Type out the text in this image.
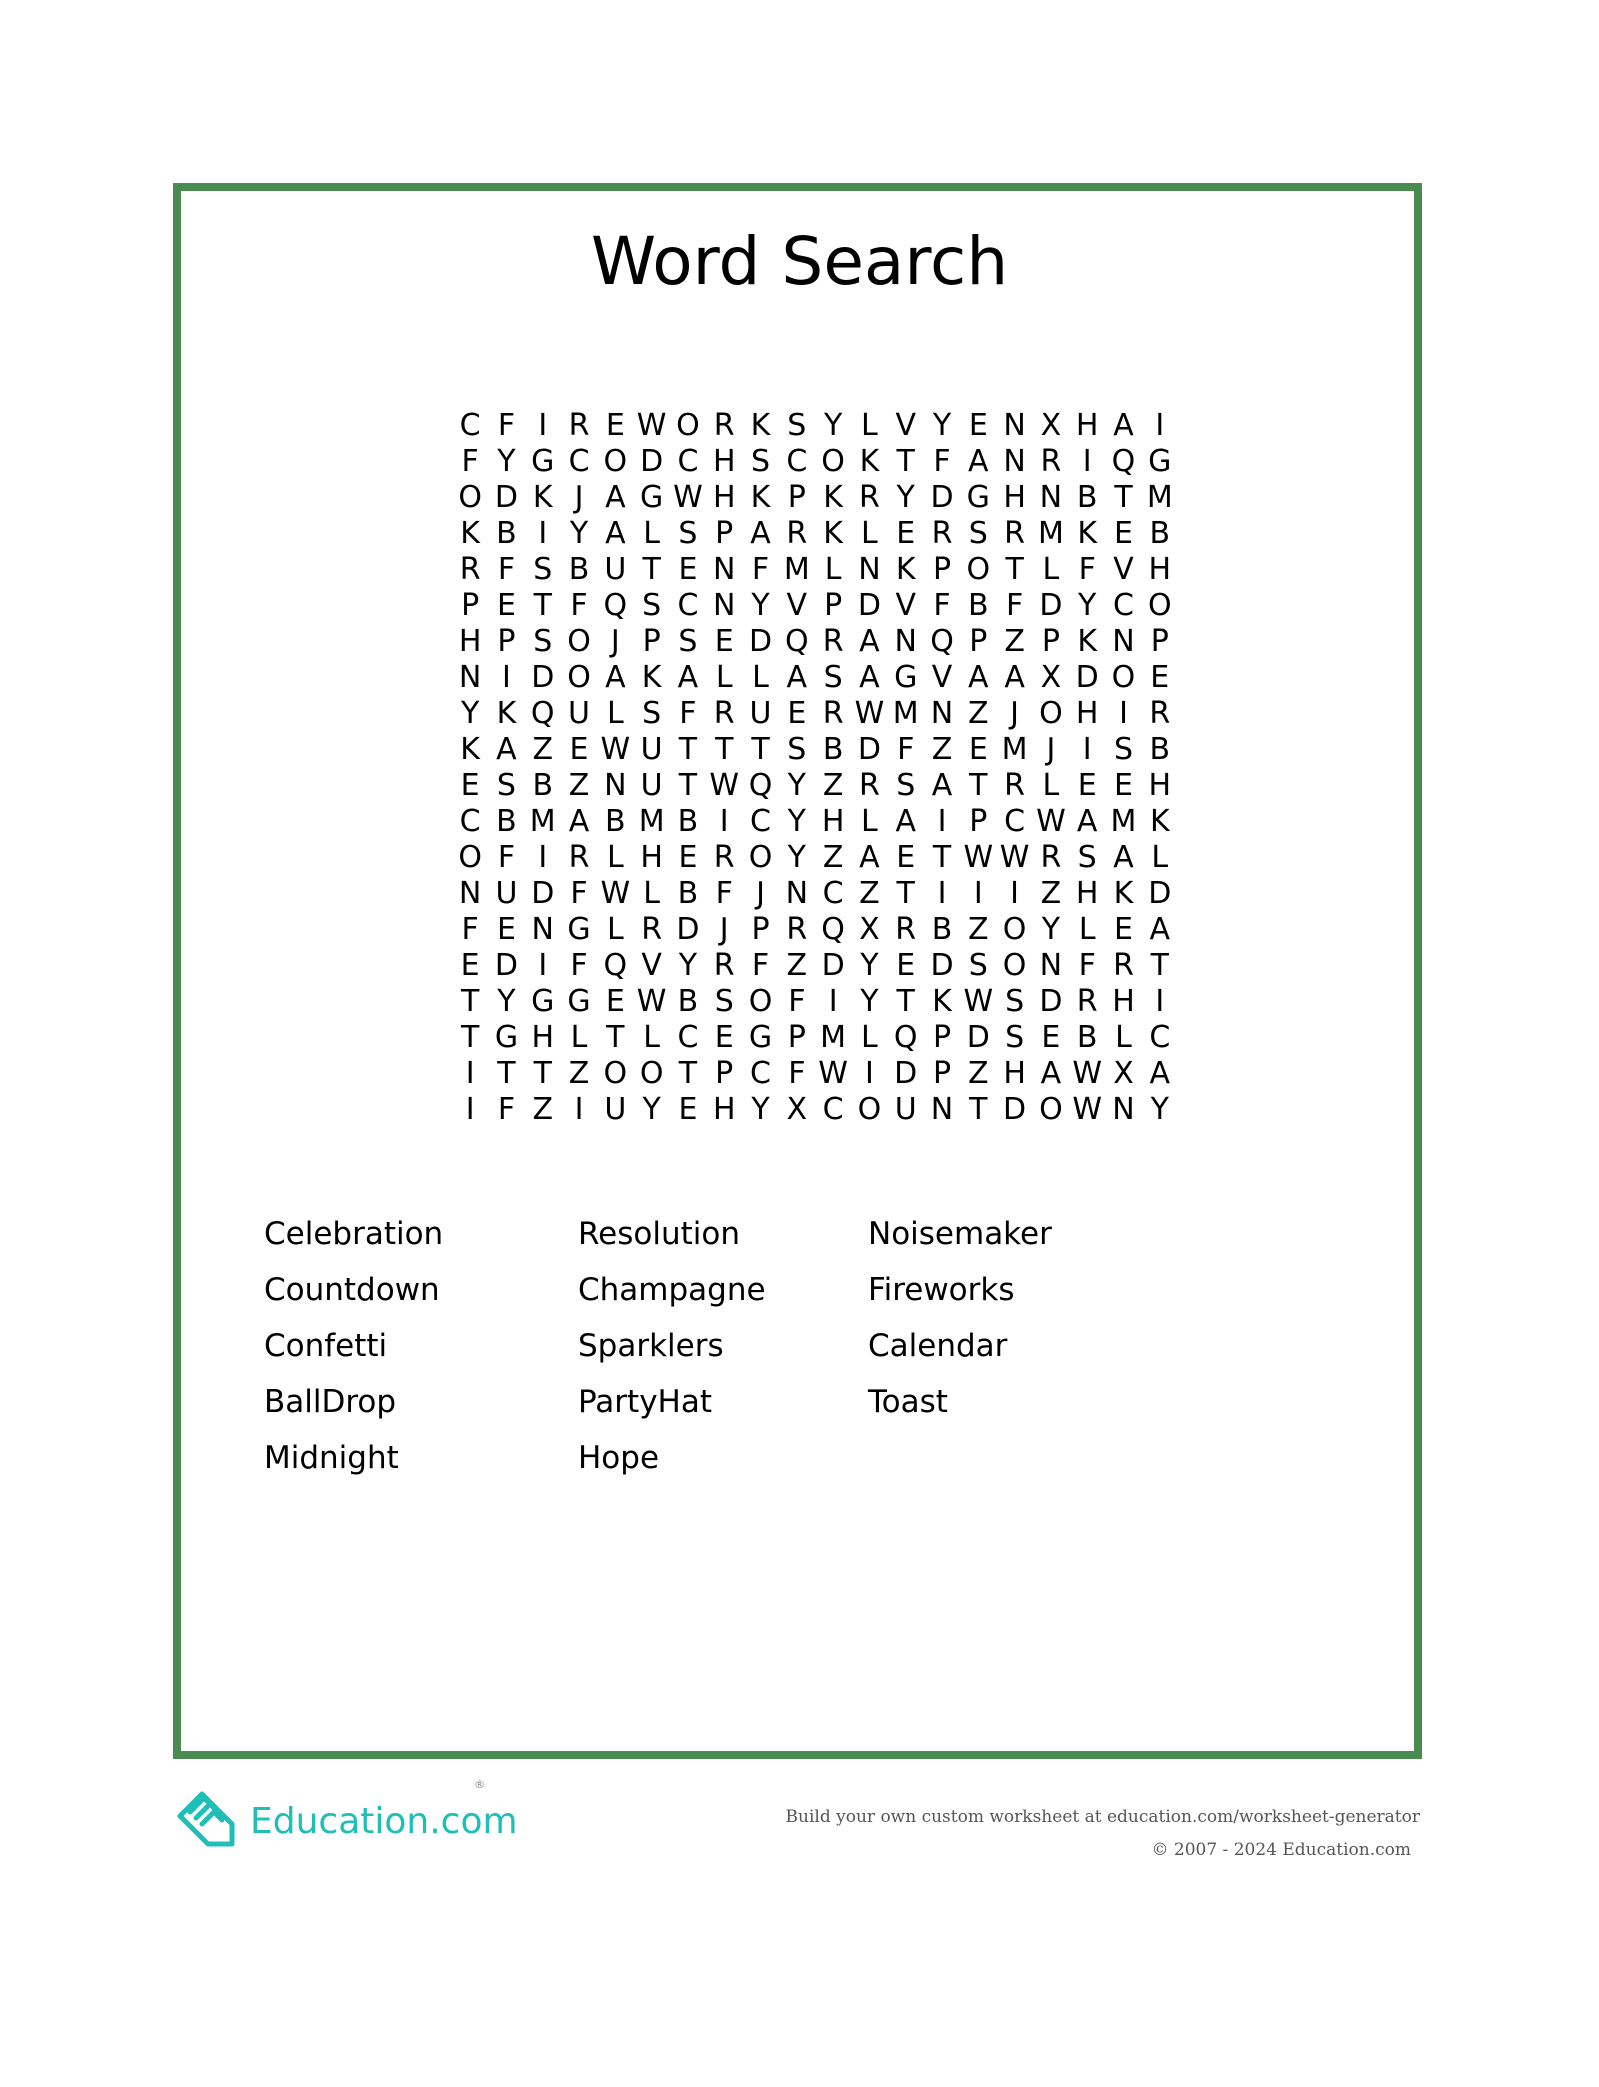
Word Search
C F I R E W O R K S Y L V Y E N X H A I
F Y G C O D C H S C O K T F A N R I Q G
O D K J A G W H K P K R Y D G H N B T M
K B I Y A L S P A R K L E R S R M K E B
R F S B U T E N F M L N K P O T L F V H
P E T F Q S C N Y V P D V F B F D Y C O
H P S O J P S E D Q R A N Q P Z P K N P
N I D O A K A L L A S A G V A A X D O E
Y K Q U L S F R U E R W M N Z J O H I R
K A Z E W U T T T S B D F Z E M J I S B
E S B Z N U T W Q Y Z R S A T R L E E H
C B M A B M B I C Y H L A I P C W A M K
O F I R L H E R O Y Z A E T W W R S A L
N U D F W L B F J N C Z T I I I Z H K D
F E N G L R D J P R Q X R B Z O Y L E A
E D I F Q V Y R F Z D Y E D S O N F R T
T Y G G E W B S O F I Y T K W S D R H I
T G H L T L C E G P M L Q P D S E B L C
I T T Z O O T P C F W I D P Z H A W X A
I F Z I U Y E H Y X C O U N T D O W N Y
Celebration
Countdown
Confetti
BallDrop
Midnight
Resolution
Champagne
Sparklers
PartyHat
Hope
Noisemaker
Fireworks
Calendar
Toast
Education.com
®
Build your own custom worksheet at education.com/worksheet-generator
© 2007 - 2024 Education.com
